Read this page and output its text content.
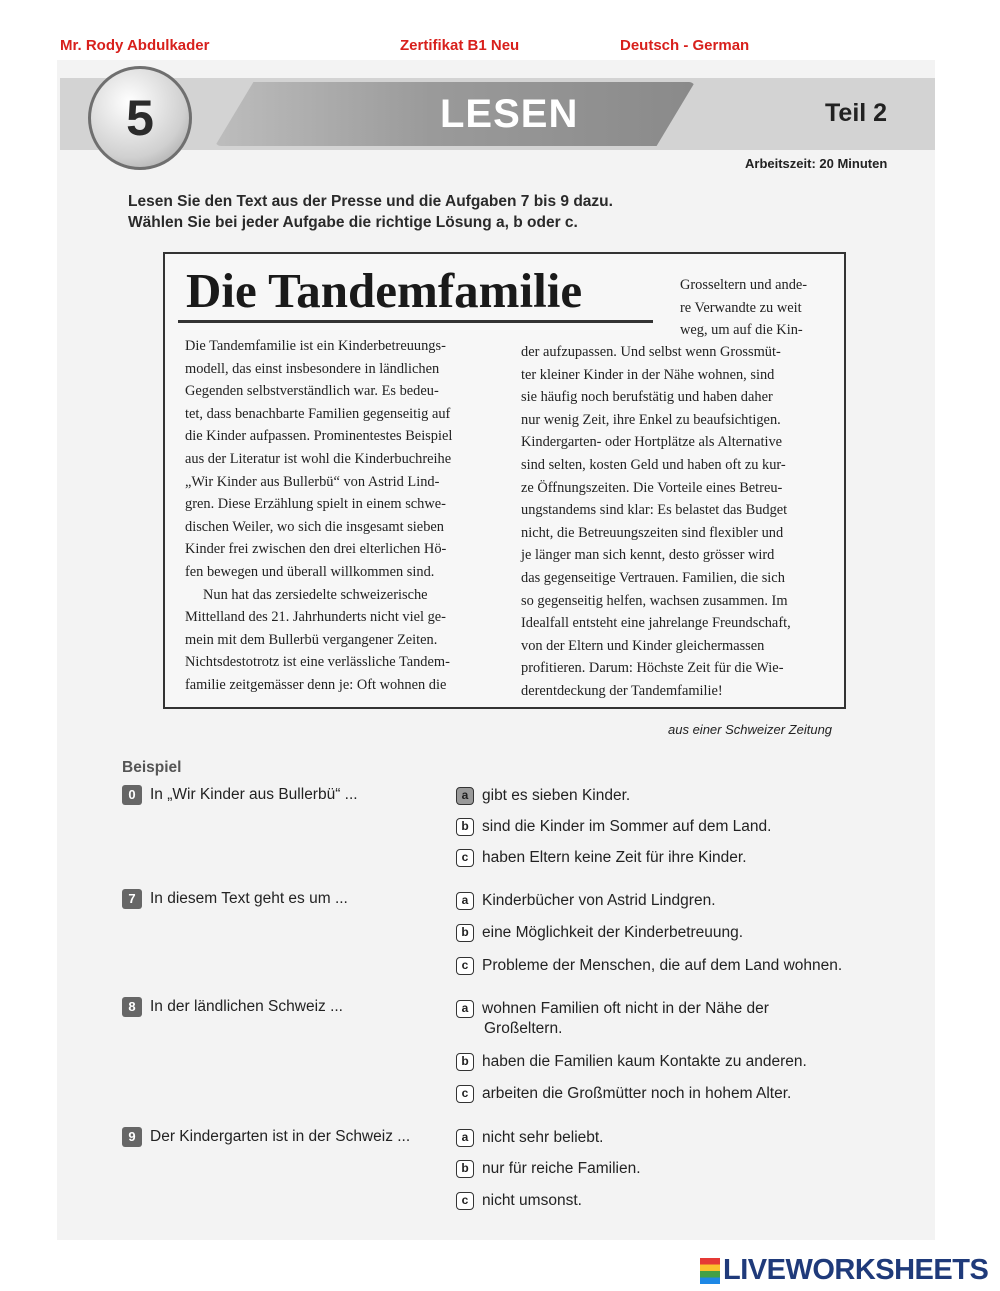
Mr. Rody Abdulkader	Zertifikat B1 Neu	Deutsch - German
5	LESEN	Teil 2
Arbeitszeit: 20 Minuten
Lesen Sie den Text aus der Presse und die Aufgaben 7 bis 9 dazu.
Wählen Sie bei jeder Aufgabe die richtige Lösung a, b oder c.
Die Tandemfamilie	Grosseltern und ande-
re Verwandte zu weit
weg, um auf die Kin-
Die Tandemfamilie ist ein Kinderbetreuungs-
modell, das einst insbesondere in ländlichen
Gegenden selbstverständlich war. Es bedeu-
tet, dass benachbarte Familien gegenseitig auf
die Kinder aufpassen. Prominentestes Beispiel
aus der Literatur ist wohl die Kinderbuchreihe
„Wir Kinder aus Bullerbü“ von Astrid Lind-
gren. Diese Erzählung spielt in einem schwe-
dischen Weiler, wo sich die insgesamt sieben
Kinder frei zwischen den drei elterlichen Hö-
fen bewegen und überall willkommen sind.
Nun hat das zersiedelte schweizerische
Mittelland des 21. Jahrhunderts nicht viel ge-
mein mit dem Bullerbü vergangener Zeiten.
Nichtsdestotrotz ist eine verlässliche Tandem-
familie zeitgemässer denn je: Oft wohnen die
der aufzupassen. Und selbst wenn Grossmüt-
ter kleiner Kinder in der Nähe wohnen, sind
sie häufig noch berufstätig und haben daher
nur wenig Zeit, ihre Enkel zu beaufsichtigen.
Kindergarten- oder Hortplätze als Alternative
sind selten, kosten Geld und haben oft zu kur-
ze Öffnungszeiten. Die Vorteile eines Betreu-
ungstandems sind klar: Es belastet das Budget
nicht, die Betreuungszeiten sind flexibler und
je länger man sich kennt, desto grösser wird
das gegenseitige Vertrauen. Familien, die sich
so gegenseitig helfen, wachsen zusammen. Im
Idealfall entsteht eine jahrelange Freundschaft,
von der Eltern und Kinder gleichermassen
profitieren. Darum: Höchste Zeit für die Wie-
derentdeckung der Tandemfamilie!
aus einer Schweizer Zeitung
Beispiel
0 In „Wir Kinder aus Bullerbü“ ...	a gibt es sieben Kinder.
b sind die Kinder im Sommer auf dem Land.
c haben Eltern keine Zeit für ihre Kinder.
7 In diesem Text geht es um ...	a Kinderbücher von Astrid Lindgren.
b eine Möglichkeit der Kinderbetreuung.
c Probleme der Menschen, die auf dem Land wohnen.
8 In der ländlichen Schweiz ...	a wohnen Familien oft nicht in der Nähe der
Großeltern.
b haben die Familien kaum Kontakte zu anderen.
c arbeiten die Großmütter noch in hohem Alter.
9 Der Kindergarten ist in der Schweiz ...	a nicht sehr beliebt.
b nur für reiche Familien.
c nicht umsonst.
LIVEWORKSHEETS
